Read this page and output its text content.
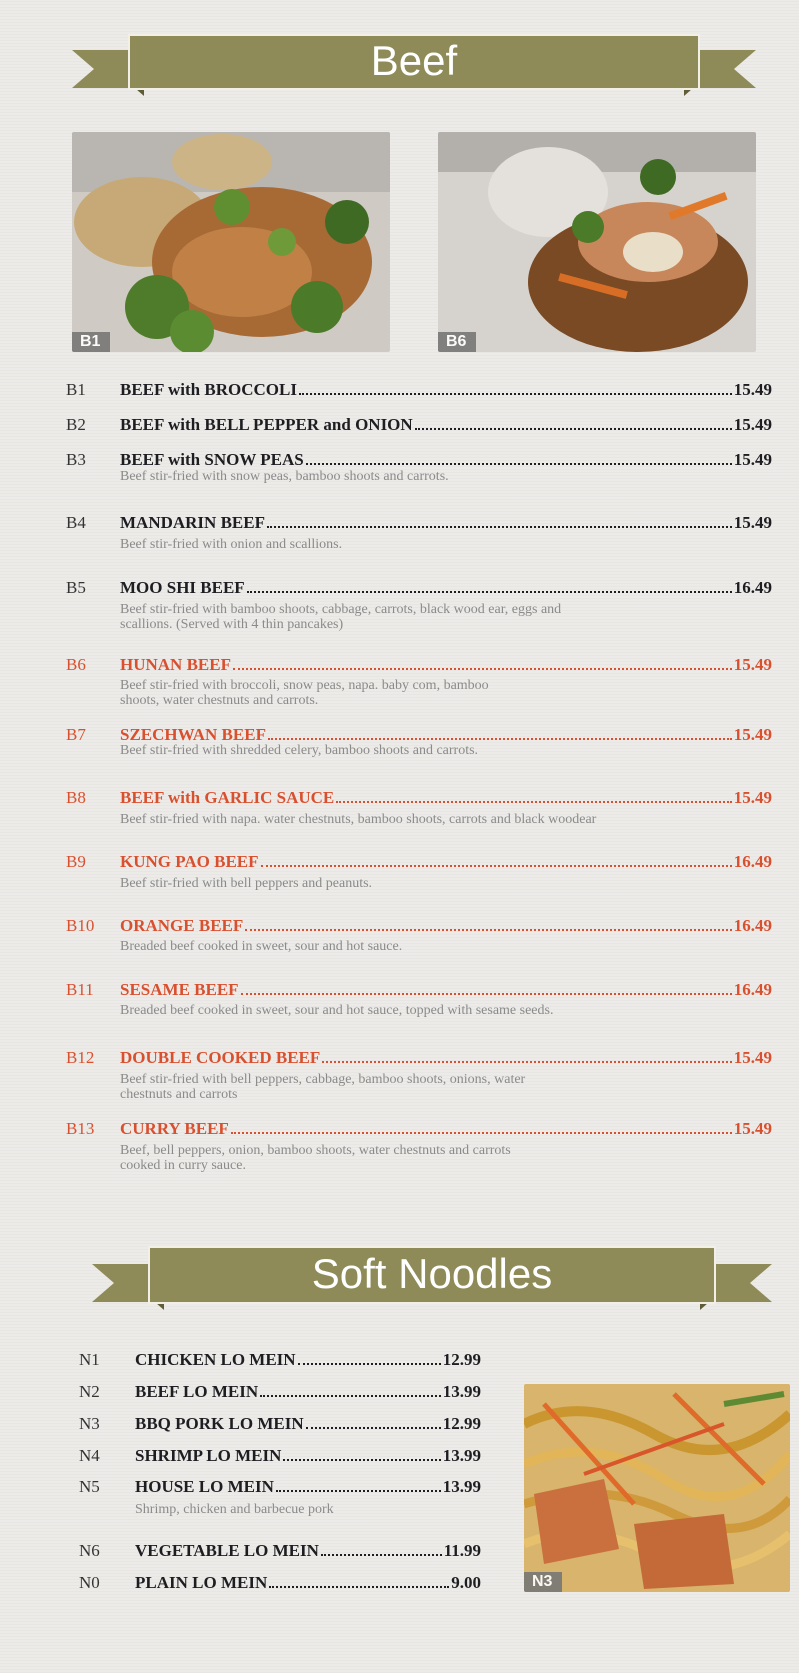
Beef
B1	B6
B1 BEEF with BROCCOLI	15.49
B2 BEEF with BELL PEPPER and ONION	15.49
B3 BEEF with SNOW PEAS	15.49
Beef stir-fried with snow peas, bamboo shoots and carrots.
B4 MANDARIN BEEF	15.49
Beef stir-fried with onion and scallions.
B5 MOO SHI BEEF	16.49
Beef stir-fried with bamboo shoots, cabbage, carrots, black wood ear, eggs and scallions. (Served with 4 thin pancakes)
B6 HUNAN BEEF	15.49
Beef stir-fried with broccoli, snow peas, napa. baby com, bamboo shoots, water chestnuts and carrots.
B7 SZECHWAN BEEF	15.49
Beef stir-fried with shredded celery, bamboo shoots and carrots.
B8 BEEF with GARLIC SAUCE	15.49
Beef stir-fried with napa. water chestnuts, bamboo shoots, carrots and black woodear
B9 KUNG PAO BEEF	16.49
Beef stir-fried with bell peppers and peanuts.
B10 ORANGE BEEF	16.49
Breaded beef cooked in sweet, sour and hot sauce.
B11 SESAME BEEF	16.49
Breaded beef cooked in sweet, sour and hot sauce, topped with sesame seeds.
B12 DOUBLE COOKED BEEF	15.49
Beef stir-fried with bell peppers, cabbage, bamboo shoots, onions, water chestnuts and carrots
B13 CURRY BEEF	15.49
Beef, bell peppers, onion, bamboo shoots, water chestnuts and carrots cooked in curry sauce.
Soft Noodles
N1 CHICKEN LO MEIN	12.99
N2 BEEF LO MEIN	13.99
N3 BBQ PORK LO MEIN	12.99
N4 SHRIMP LO MEIN	13.99
N5 HOUSE LO MEIN	13.99
Shrimp, chicken and barbecue pork
N6 VEGETABLE LO MEIN	11.99
N0 PLAIN LO MEIN	9.00	N3
